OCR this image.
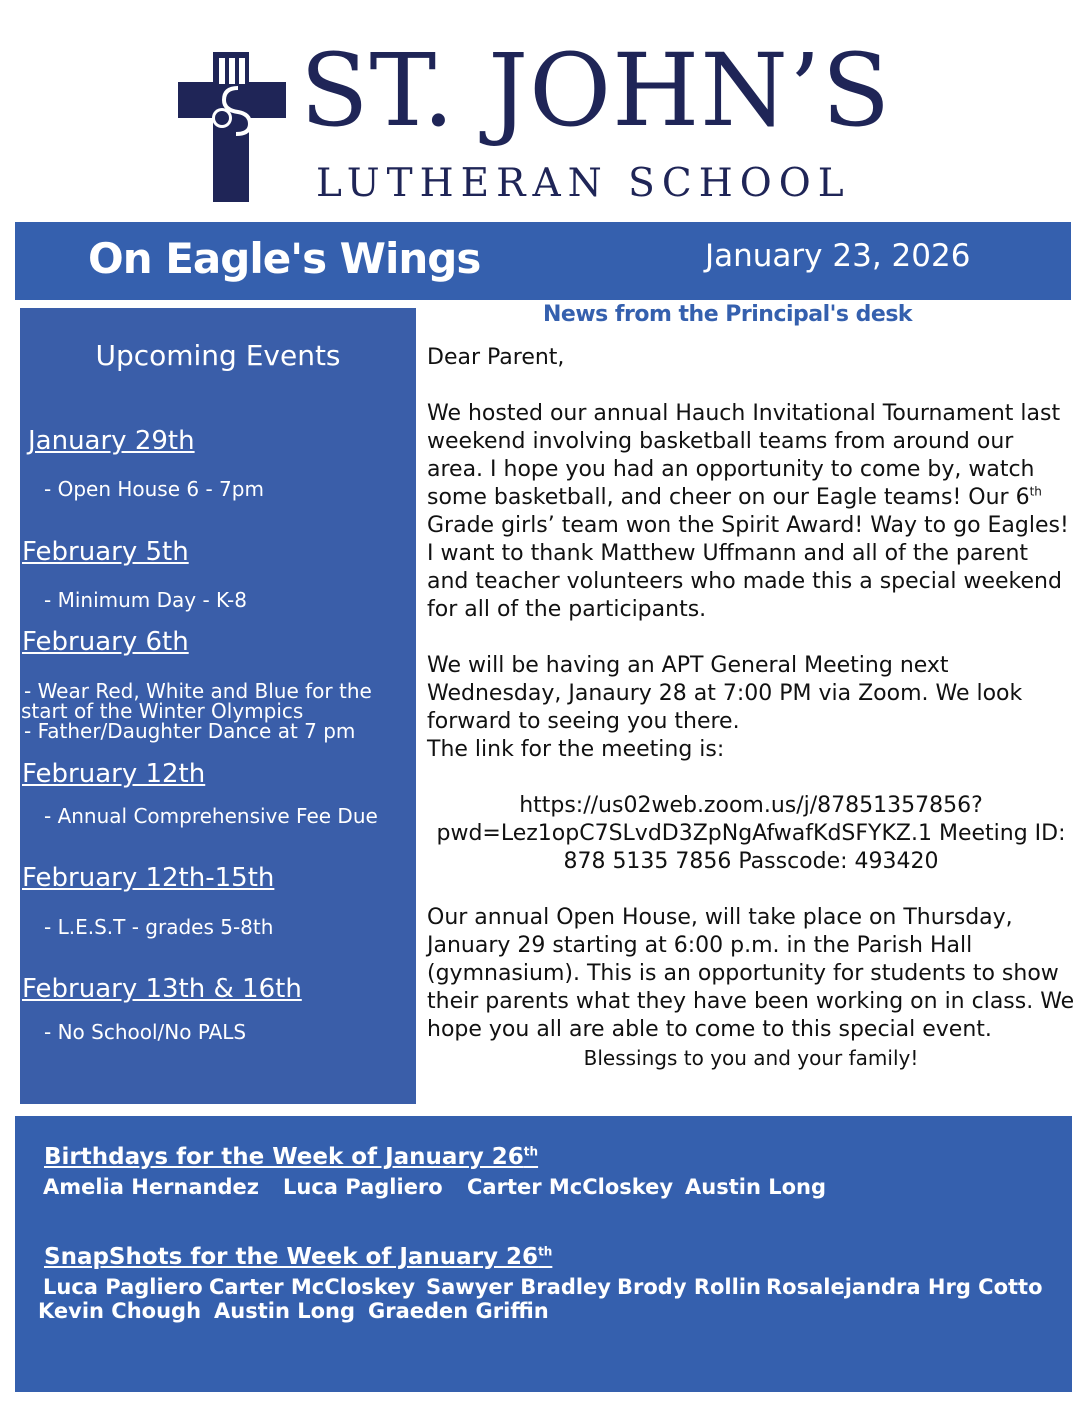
ST. JOHN’S
LUTHERAN SCHOOL
On Eagle's Wings	January 23, 2026
Upcoming Events
January 29th
- Open House 6 - 7pm
February 5th
- Minimum Day - K-8
February 6th
- Wear Red, White and Blue for the
start of the Winter Olympics
- Father/Daughter Dance at 7 pm
February 12th
- Annual Comprehensive Fee Due
February 12th-15th
- L.E.S.T - grades 5-8th
February 13th & 16th
- No School/No PALS
News from the Principal's desk

Dear Parent,

We hosted our annual Hauch Invitational Tournament last weekend involving basketball teams from around our area. I hope you had an opportunity to come by, watch some basketball, and cheer on our Eagle teams! Our 6th Grade girls’ team won the Spirit Award! Way to go Eagles! I want to thank Matthew Uffmann and all of the parent and teacher volunteers who made this a special weekend for all of the participants.

We will be having an APT General Meeting next Wednesday, Janaury 28 at 7:00 PM via Zoom. We look forward to seeing you there.

The link for the meeting is:

https://us02web.zoom.us/j/87851357856?pwd=Lez1opC7SLvdD3ZpNgAfwafKdSFYKZ.1 Meeting ID: 878 5135 7856 Passcode: 493420

Our annual Open House, will take place on Thursday, January 29 starting at 6:00 p.m. in the Parish Hall (gymnasium). This is an opportunity for students to show their parents what they have been working on in class. We hope you all are able to come to this special event.

Blessings to you and your family!

Birthdays for the Week of January 26th
Amelia Hernandez Luca Pagliero Carter McCloskey Austin Long
SnapShots for the Week of January 26th
Luca Pagliero Carter McCloskey Sawyer Bradley Brody Rollin Rosalejandra Hrg Cotto
Kevin Chough Austin Long Graeden Griffin
